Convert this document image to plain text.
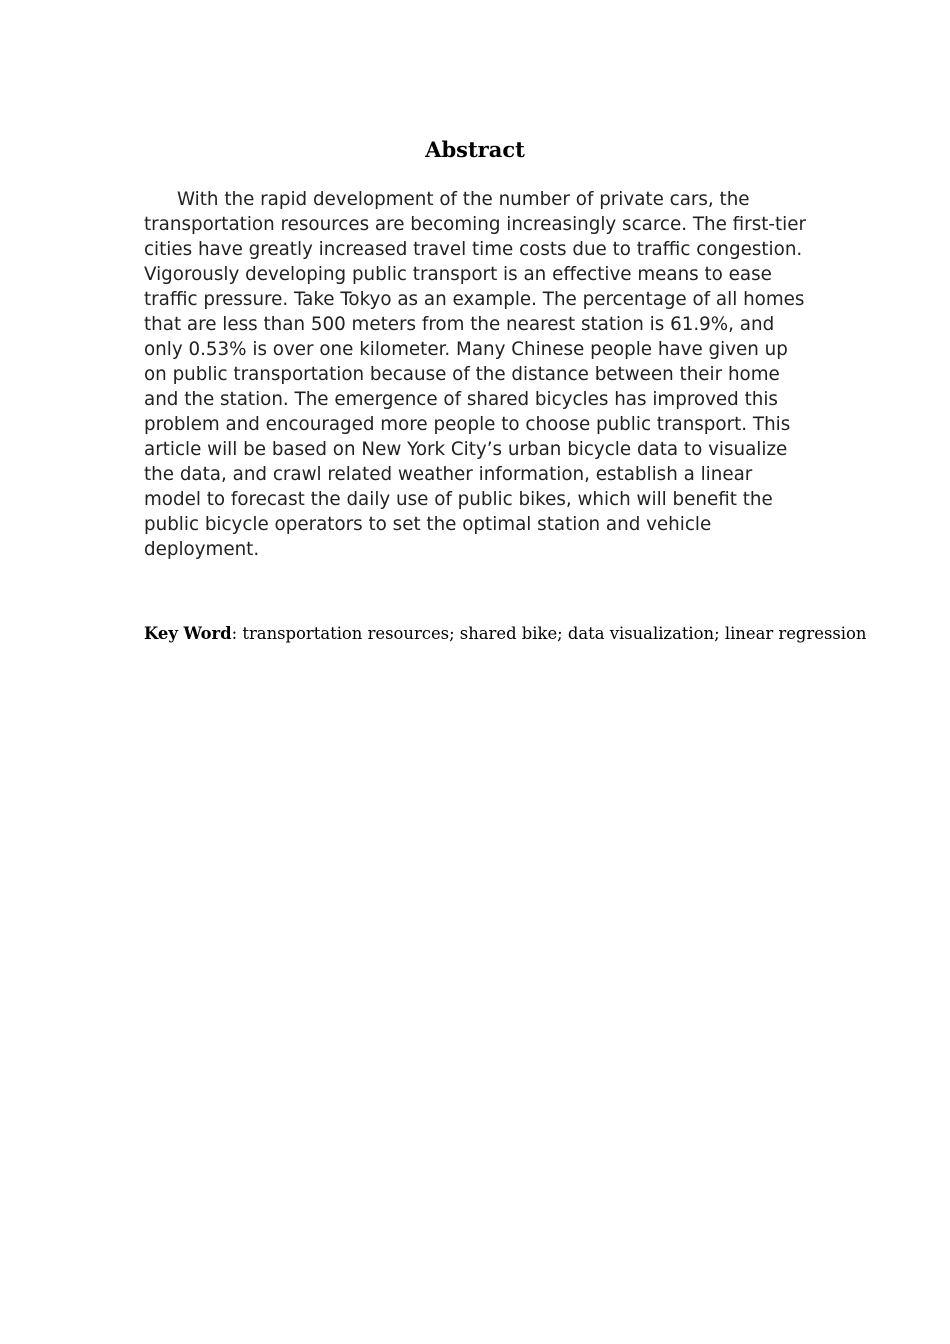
Abstract

With the rapid development of the number of private cars, the transportation resources are becoming increasingly scarce. The first-tier cities have greatly increased travel time costs due to traffic congestion. Vigorously developing public transport is an effective means to ease traffic pressure. Take Tokyo as an example. The percentage of all homes that are less than 500 meters from the nearest station is 61.9%, and only 0.53% is over one kilometer. Many Chinese people have given up on public transportation because of the distance between their home and the station. The emergence of shared bicycles has improved this problem and encouraged more people to choose public transport. This article will be based on New York City’s urban bicycle data to visualize the data, and crawl related weather information, establish a linear model to forecast the daily use of public bikes, which will benefit the public bicycle operators to set the optimal station and vehicle deployment.

Key Word: transportation resources; shared bike; data visualization; linear regression
